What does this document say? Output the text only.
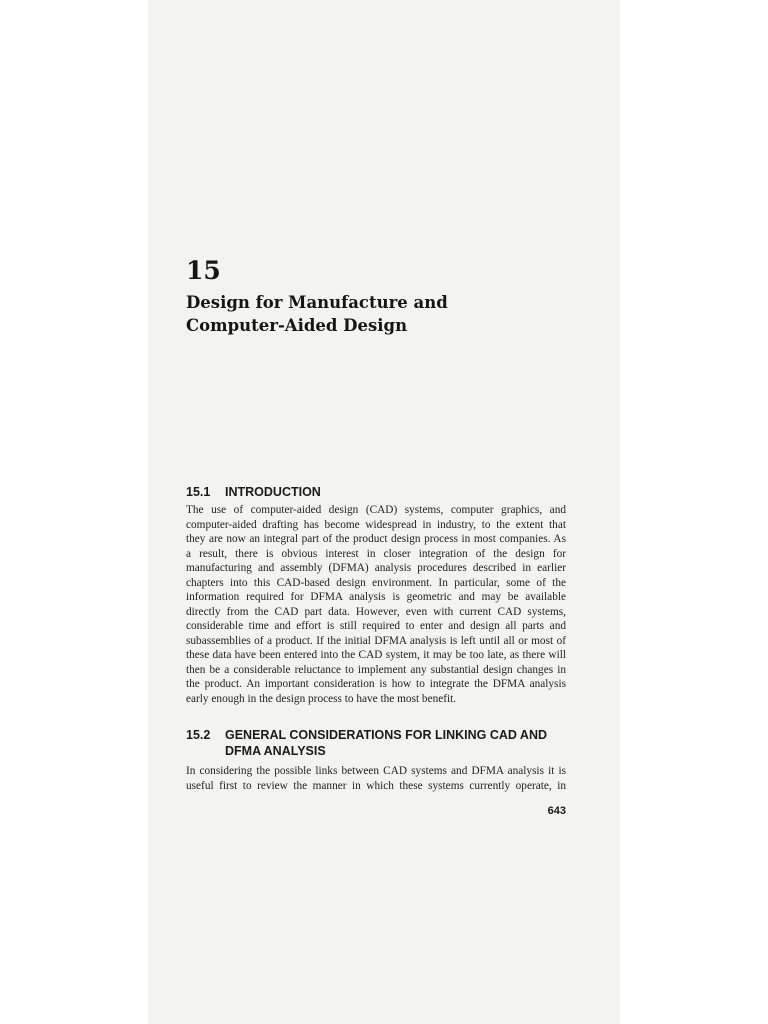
15
Design for Manufacture and
Computer-Aided Design
15.1 INTRODUCTION

The use of computer-aided design (CAD) systems, computer graphics, and
computer-aided drafting has become widespread in industry, to the extent that
they are now an integral part of the product design process in most companies. As
a result, there is obvious interest in closer integration of the design for
manufacturing and assembly (DFMA) analysis procedures described in earlier
chapters into this CAD-based design environment. In particular, some of the
information required for DFMA analysis is geometric and may be available
directly from the CAD part data. However, even with current CAD systems,
considerable time and effort is still required to enter and design all parts and
subassemblies of a product. If the initial DFMA analysis is left until all or most of
these data have been entered into the CAD system, it may be too late, as there will
then be a considerable reluctance to implement any substantial design changes in
the product. An important consideration is how to integrate the DFMA analysis
early enough in the design process to have the most benefit.

15.2 GENERAL CONSIDERATIONS FOR LINKING CAD AND
DFMA ANALYSIS

In considering the possible links between CAD systems and DFMA analysis it is
useful first to review the manner in which these systems currently operate, in

643
